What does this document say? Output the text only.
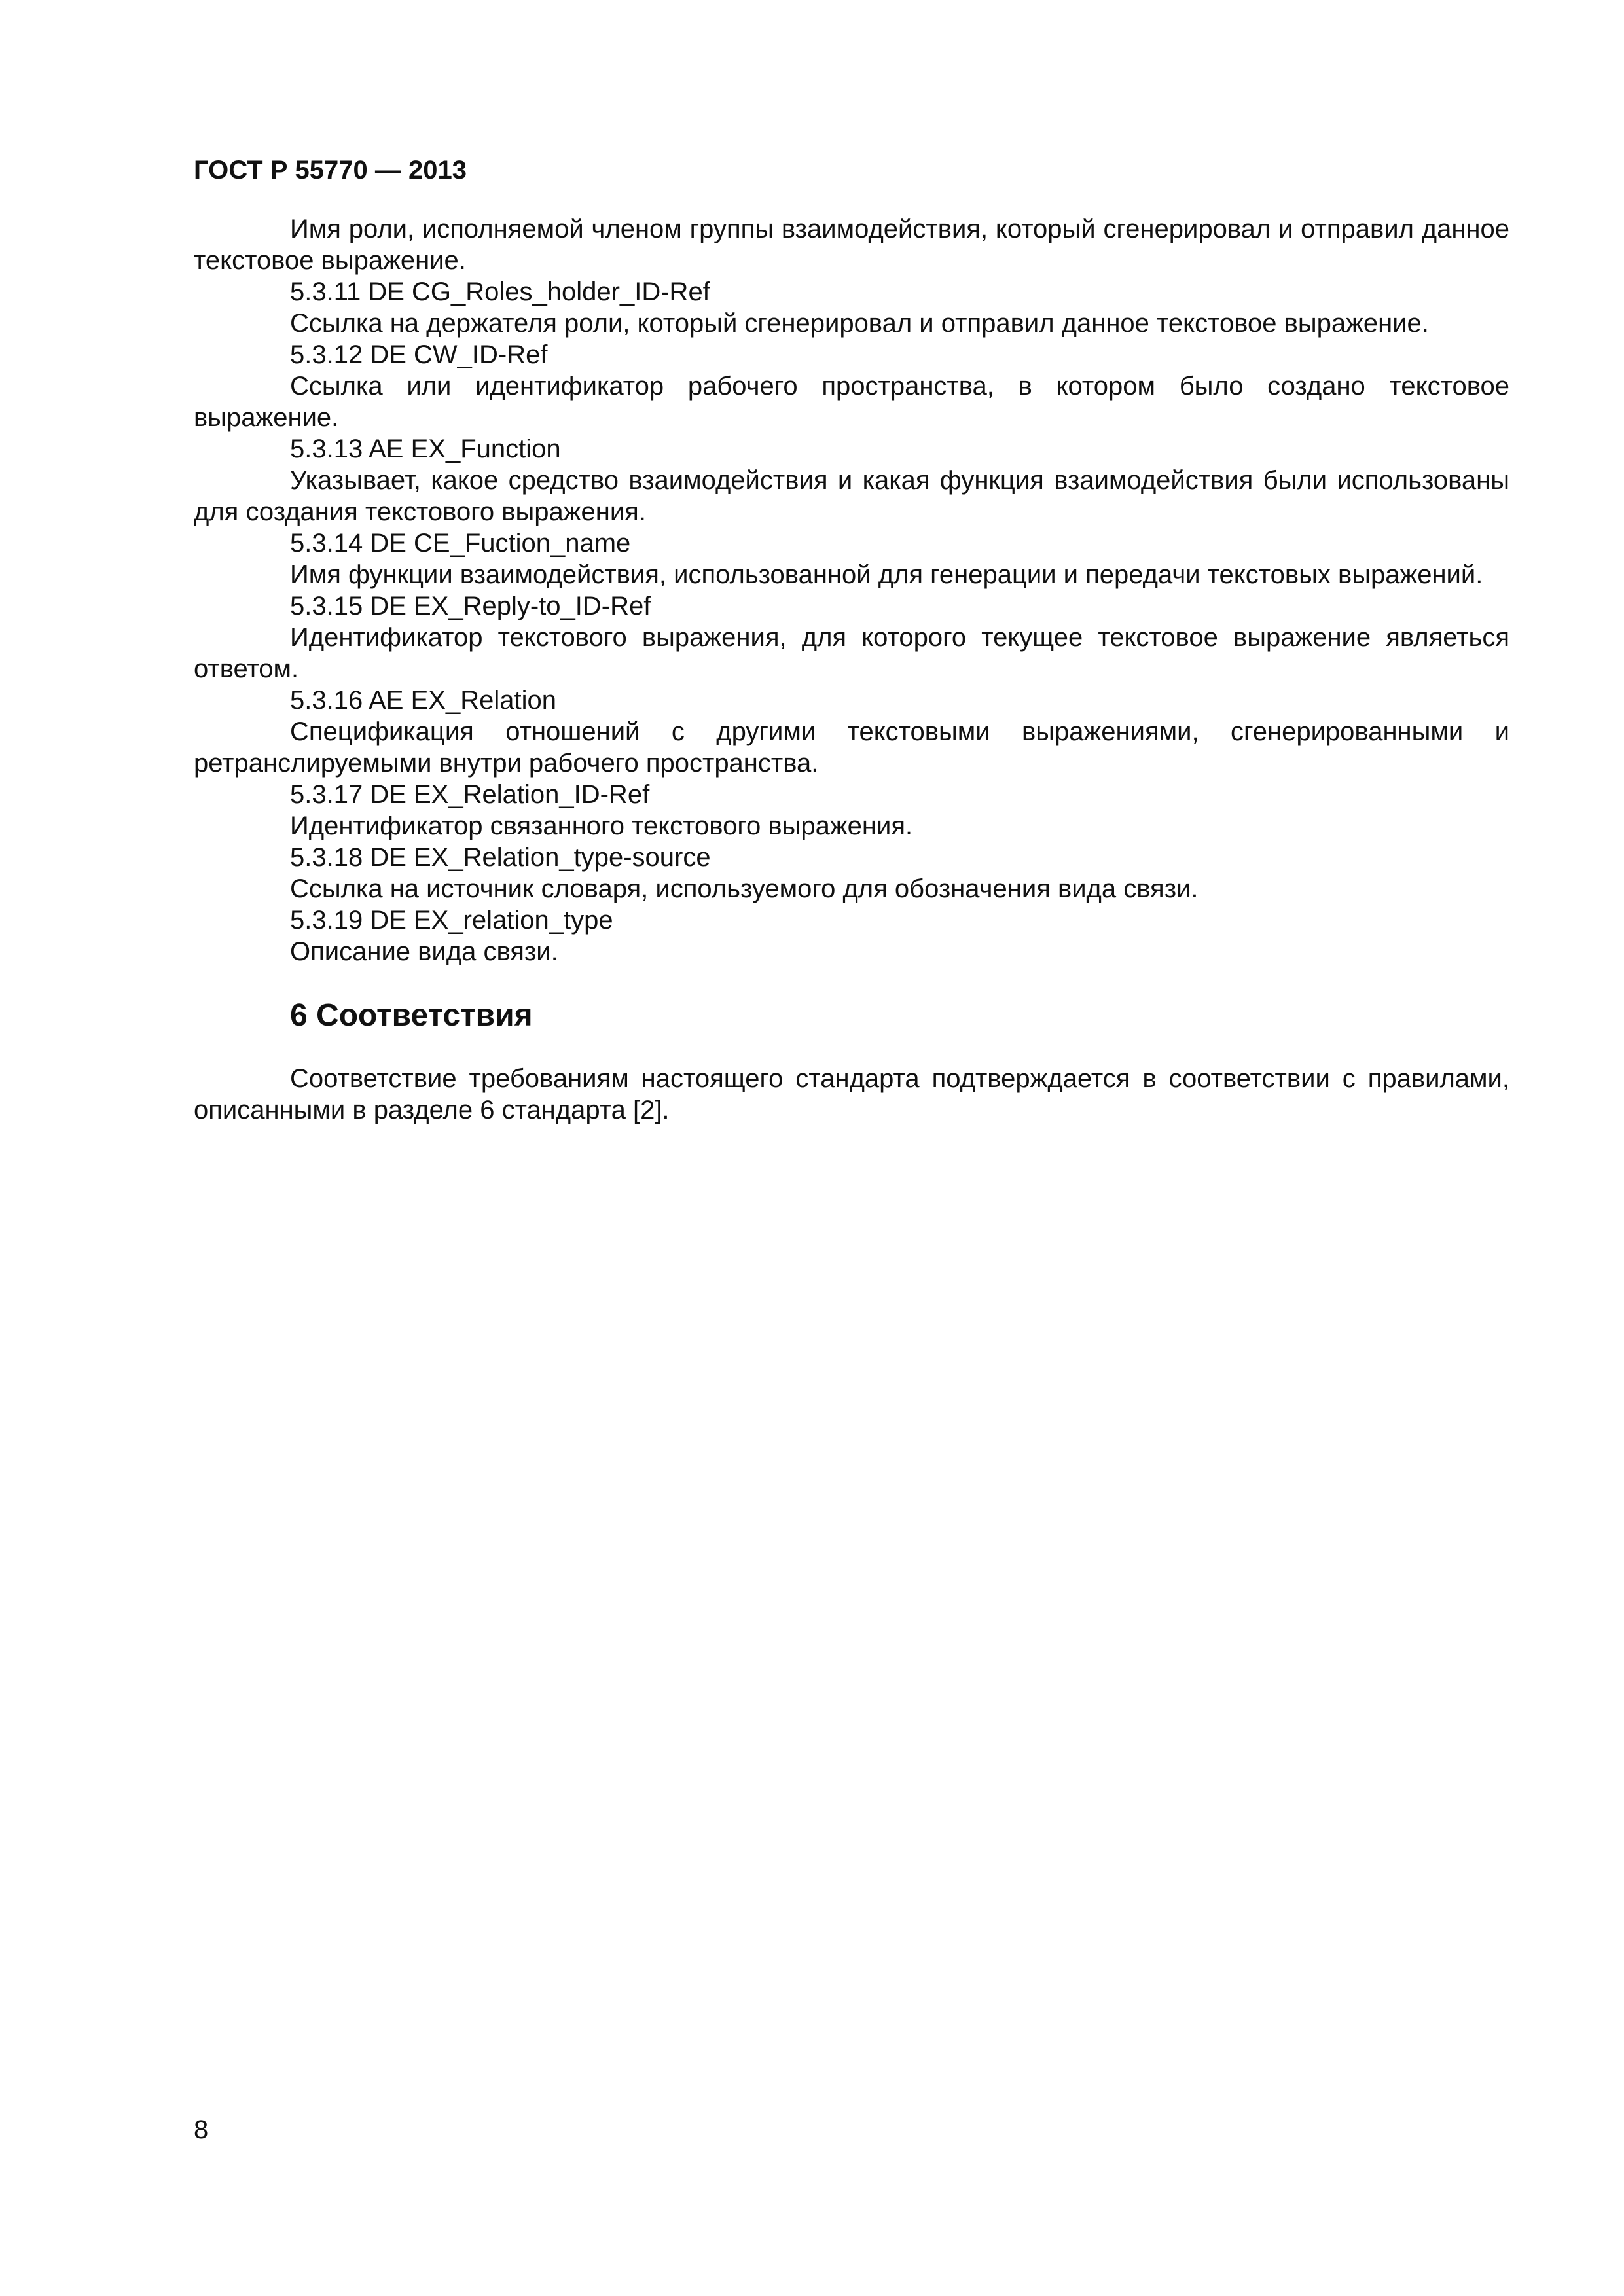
ГОСТ Р 55770 — 2013

Имя роли, исполняемой членом группы взаимодействия, который сгенерировал и отправил данное текстовое выражение.

5.3.11 DE CG_Roles_holder_ID-Ref

Ссылка на держателя роли, который сгенерировал и отправил данное текстовое выражение.

5.3.12 DE CW_ID-Ref

Ссылка или идентификатор рабочего пространства, в котором было создано текстовое выражение.

5.3.13 AE EX_Function

Указывает, какое средство взаимодействия и какая функция взаимодействия были использованы для создания текстового выражения.

5.3.14 DE CE_Fuction_name

Имя функции взаимодействия, использованной для генерации и передачи текстовых выражений.

5.3.15 DE EX_Reply-to_ID-Ref

Идентификатор текстового выражения, для которого текущее текстовое выражение являеться ответом.

5.3.16 AE EX_Relation

Спецификация отношений с другими текстовыми выражениями, сгенерированными и ретранслируемыми внутри рабочего пространства.

5.3.17 DE EX_Relation_ID-Ref

Идентификатор связанного текстового выражения.

5.3.18 DE EX_Relation_type-source

Ссылка на источник словаря, используемого для обозначения вида связи.

5.3.19 DE EX_relation_type

Описание вида связи.

6 Соответствия

Соответствие требованиям настоящего стандарта подтверждается в соответствии с правилами, описанными в разделе 6 стандарта [2].

8
